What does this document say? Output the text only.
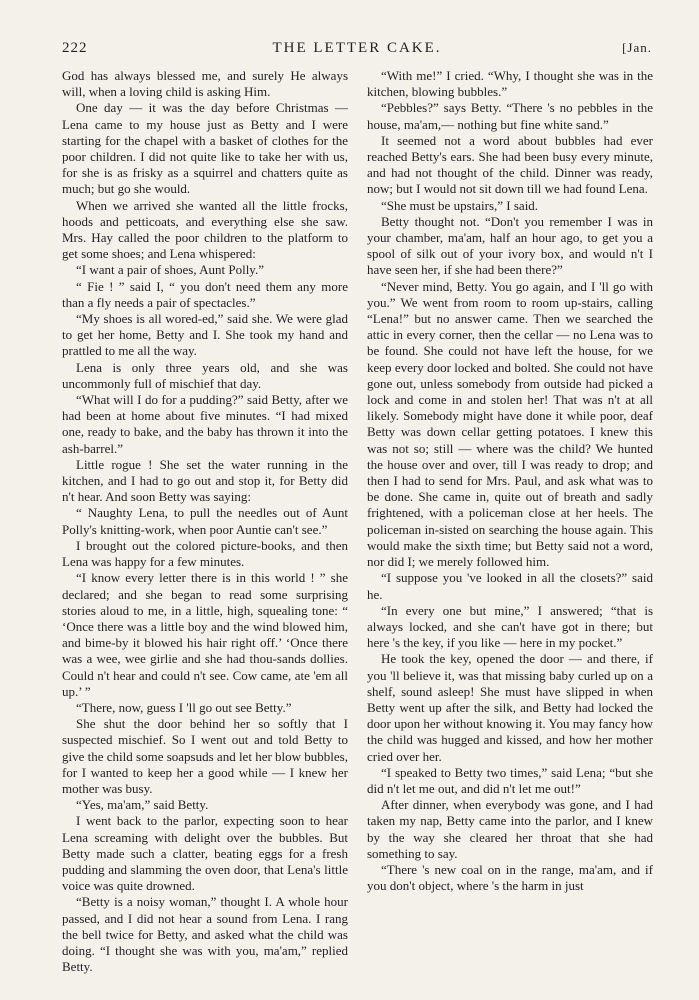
222	THE LETTER CAKE.	[Jan.

God has always blessed me, and surely He always will, when a loving child is asking Him.

One day — it was the day before Christmas — Lena came to my house just as Betty and I were starting for the chapel with a basket of clothes for the poor children. I did not quite like to take her with us, for she is as frisky as a squirrel and chatters quite as much; but go she would.

When we arrived she wanted all the little frocks, hoods and petticoats, and everything else she saw. Mrs. Hay called the poor children to the platform to get some shoes; and Lena whispered:

“I want a pair of shoes, Aunt Polly.”

“ Fie ! ” said I, “ you don't need them any more than a fly needs a pair of spectacles.”

“My shoes is all wored-ed,” said she. We were glad to get her home, Betty and I. She took my hand and prattled to me all the way.

Lena is only three years old, and she was uncommonly full of mischief that day.

“What will I do for a pudding?” said Betty, after we had been at home about five minutes. “I had mixed one, ready to bake, and the baby has thrown it into the ash-barrel.”

Little rogue ! She set the water running in the kitchen, and I had to go out and stop it, for Betty did n't hear. And soon Betty was saying:

“ Naughty Lena, to pull the needles out of Aunt Polly's knitting-work, when poor Auntie can't see.”

I brought out the colored picture-books, and then Lena was happy for a few minutes.

“I know every letter there is in this world ! ” she declared; and she began to read some surprising stories aloud to me, in a little, high, squealing tone: “ ‘Once there was a little boy and the wind blowed him, and bime-by it blowed his hair right off.’ ‘Once there was a wee, wee girlie and she had thou-sands dollies. Could n't hear and could n't see. Cow came, ate 'em all up.’ ”

“There, now, guess I 'll go out see Betty.”

She shut the door behind her so softly that I suspected mischief. So I went out and told Betty to give the child some soapsuds and let her blow bubbles, for I wanted to keep her a good while — I knew her mother was busy.

“Yes, ma'am,” said Betty.

I went back to the parlor, expecting soon to hear Lena screaming with delight over the bubbles. But Betty made such a clatter, beating eggs for a fresh pudding and slamming the oven door, that Lena's little voice was quite drowned.

“Betty is a noisy woman,” thought I. A whole hour passed, and I did not hear a sound from Lena. I rang the bell twice for Betty, and asked what the child was doing. “I thought she was with you, ma'am,” replied Betty.

“With me!” I cried. “Why, I thought she was in the kitchen, blowing bubbles.”

“Pebbles?” says Betty. “There 's no pebbles in the house, ma'am,— nothing but fine white sand.”

It seemed not a word about bubbles had ever reached Betty's ears. She had been busy every minute, and had not thought of the child. Dinner was ready, now; but I would not sit down till we had found Lena.

“She must be upstairs,” I said.

Betty thought not. “Don't you remember I was in your chamber, ma'am, half an hour ago, to get you a spool of silk out of your ivory box, and would n't I have seen her, if she had been there?”

“Never mind, Betty. You go again, and I 'll go with you.” We went from room to room up-stairs, calling “Lena!” but no answer came. Then we searched the attic in every corner, then the cellar — no Lena was to be found. She could not have left the house, for we keep every door locked and bolted. She could not have gone out, unless somebody from outside had picked a lock and come in and stolen her! That was n't at all likely. Somebody might have done it while poor, deaf Betty was down cellar getting potatoes. I knew this was not so; still — where was the child? We hunted the house over and over, till I was ready to drop; and then I had to send for Mrs. Paul, and ask what was to be done. She came in, quite out of breath and sadly frightened, with a policeman close at her heels. The policeman in-sisted on searching the house again. This would make the sixth time; but Betty said not a word, nor did I; we merely followed him.

“I suppose you 've looked in all the closets?” said he.

“In every one but mine,” I answered; “that is always locked, and she can't have got in there; but here 's the key, if you like — here in my pocket.”

He took the key, opened the door — and there, if you 'll believe it, was that missing baby curled up on a shelf, sound asleep! She must have slipped in when Betty went up after the silk, and Betty had locked the door upon her without knowing it. You may fancy how the child was hugged and kissed, and how her mother cried over her.

“I speaked to Betty two times,” said Lena; “but she did n't let me out, and did n't let me out!”

After dinner, when everybody was gone, and I had taken my nap, Betty came into the parlor, and I knew by the way she cleared her throat that she had something to say.

“There 's new coal on in the range, ma'am, and if you don't object, where 's the harm in just
